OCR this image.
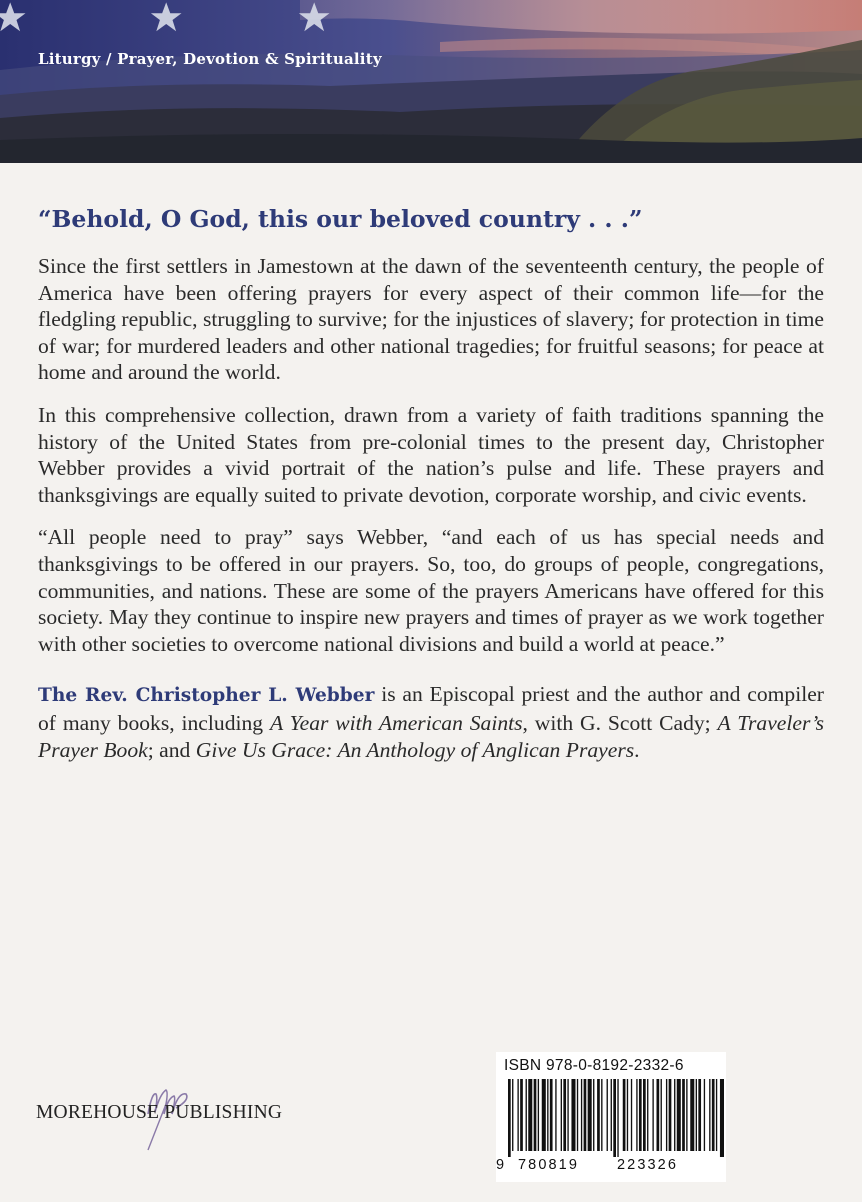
Liturgy / Prayer, Devotion & Spirituality
“Behold, O God, this our beloved country . . .”

Since the first settlers in Jamestown at the dawn of the seventeenth century, the people of America have been offering prayers for every aspect of their common life—for the fledgling republic, struggling to survive; for the injustices of slavery; for protection in time of war; for murdered leaders and other national tragedies; for fruitful seasons; for peace at home and around the world.

In this comprehensive collection, drawn from a variety of faith traditions spanning the history of the United States from pre-colonial times to the present day, Christopher Webber provides a vivid portrait of the nation’s pulse and life. These prayers and thanksgivings are equally suited to private devotion, corporate worship, and civic events.

“All people need to pray” says Webber, “and each of us has special needs and thanksgivings to be offered in our prayers. So, too, do groups of people, congregations, communities, and nations. These are some of the prayers Americans have offered for this society. May they continue to inspire new prayers and times of prayer as we work together with other societies to overcome national divisions and build a world at peace.”

The Rev. Christopher L. Webber is an Episcopal priest and the author and compiler of many books, including A Year with American Saints, with G. Scott Cady; A Traveler’s Prayer Book; and Give Us Grace: An Anthology of Anglican Prayers.

MOREHOUSE PUBLISHING
ISBN 978-0-8192-2332-6
9 780819	223326
